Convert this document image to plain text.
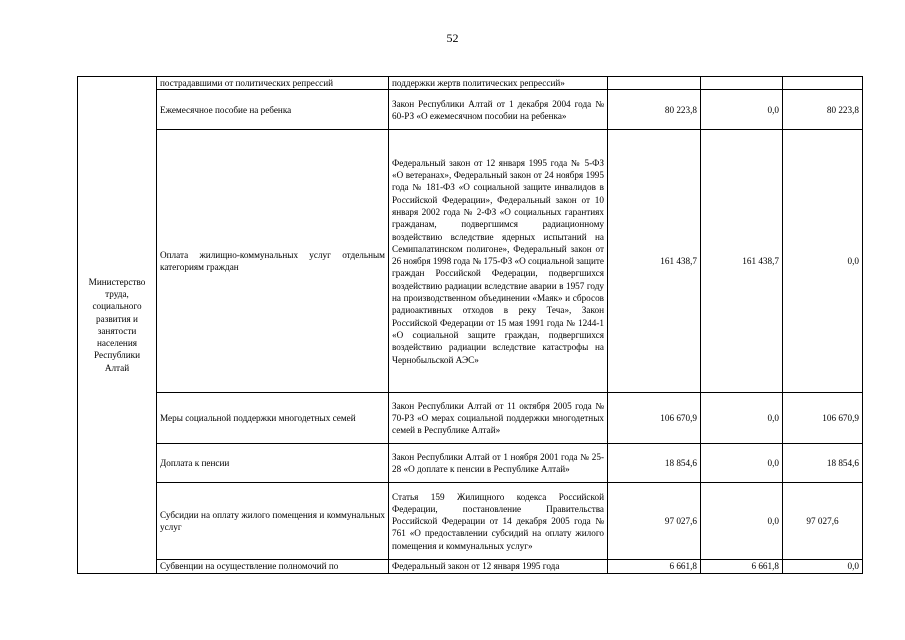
52
Министерство труда, социального развития и занятости населения Республики Алтай	пострадавшими от политических репрессий	поддержки жертв политических репрессий»			
	Ежемесячное пособие на ребенка	Закон Республики Алтай от 1 декабря 2004 года № 60-РЗ «О ежемесячном пособии на ребенка»	80 223,8	0,0	80 223,8
	Оплата жилищно-коммунальных услуг отдельным категориям граждан	Федеральный закон от 12 января 1995 года № 5-ФЗ «О ветеранах», Федеральный закон от 24 ноября 1995 года № 181-ФЗ «О социальной защите инвалидов в Российской Федерации», Федеральный закон от 10 января 2002 года № 2-ФЗ «О социальных гарантиях гражданам, подвергшимся радиационному воздействию вследствие ядерных испытаний на Семипалатинском полигоне», Федеральный закон от 26 ноября 1998 года № 175-ФЗ «О социальной защите граждан Российской Федерации, подвергшихся воздействию радиации вследствие аварии в 1957 году на производственном объединении «Маяк» и сбросов радиоактивных отходов в реку Теча», Закон Российской Федерации от 15 мая 1991 года № 1244-1 «О социальной защите граждан, подвергшихся воздействию радиации вследствие катастрофы на Чернобыльской АЭС»	161 438,7	161 438,7	0,0
	Меры социальной поддержки многодетных семей	Закон Республики Алтай от 11 октября 2005 года № 70-РЗ «О мерах социальной поддержки многодетных семей в Республике Алтай»	106 670,9	0,0	106 670,9
	Доплата к пенсии	Закон Республики Алтай от 1 ноября 2001 года № 25-28 «О доплате к пенсии в Республике Алтай»	18 854,6	0,0	18 854,6
	Субсидии на оплату жилого помещения и коммунальных услуг	Статья 159 Жилищного кодекса Российской Федерации, постановление Правительства Российской Федерации от 14 декабря 2005 года № 761 «О предоставлении субсидий на оплату жилого помещения и коммунальных услуг»	97 027,6	0,0	97 027,6
	Субвенции на осуществление полномочий по	Федеральный закон от 12 января 1995 года	6 661,8	6 661,8	0,0
